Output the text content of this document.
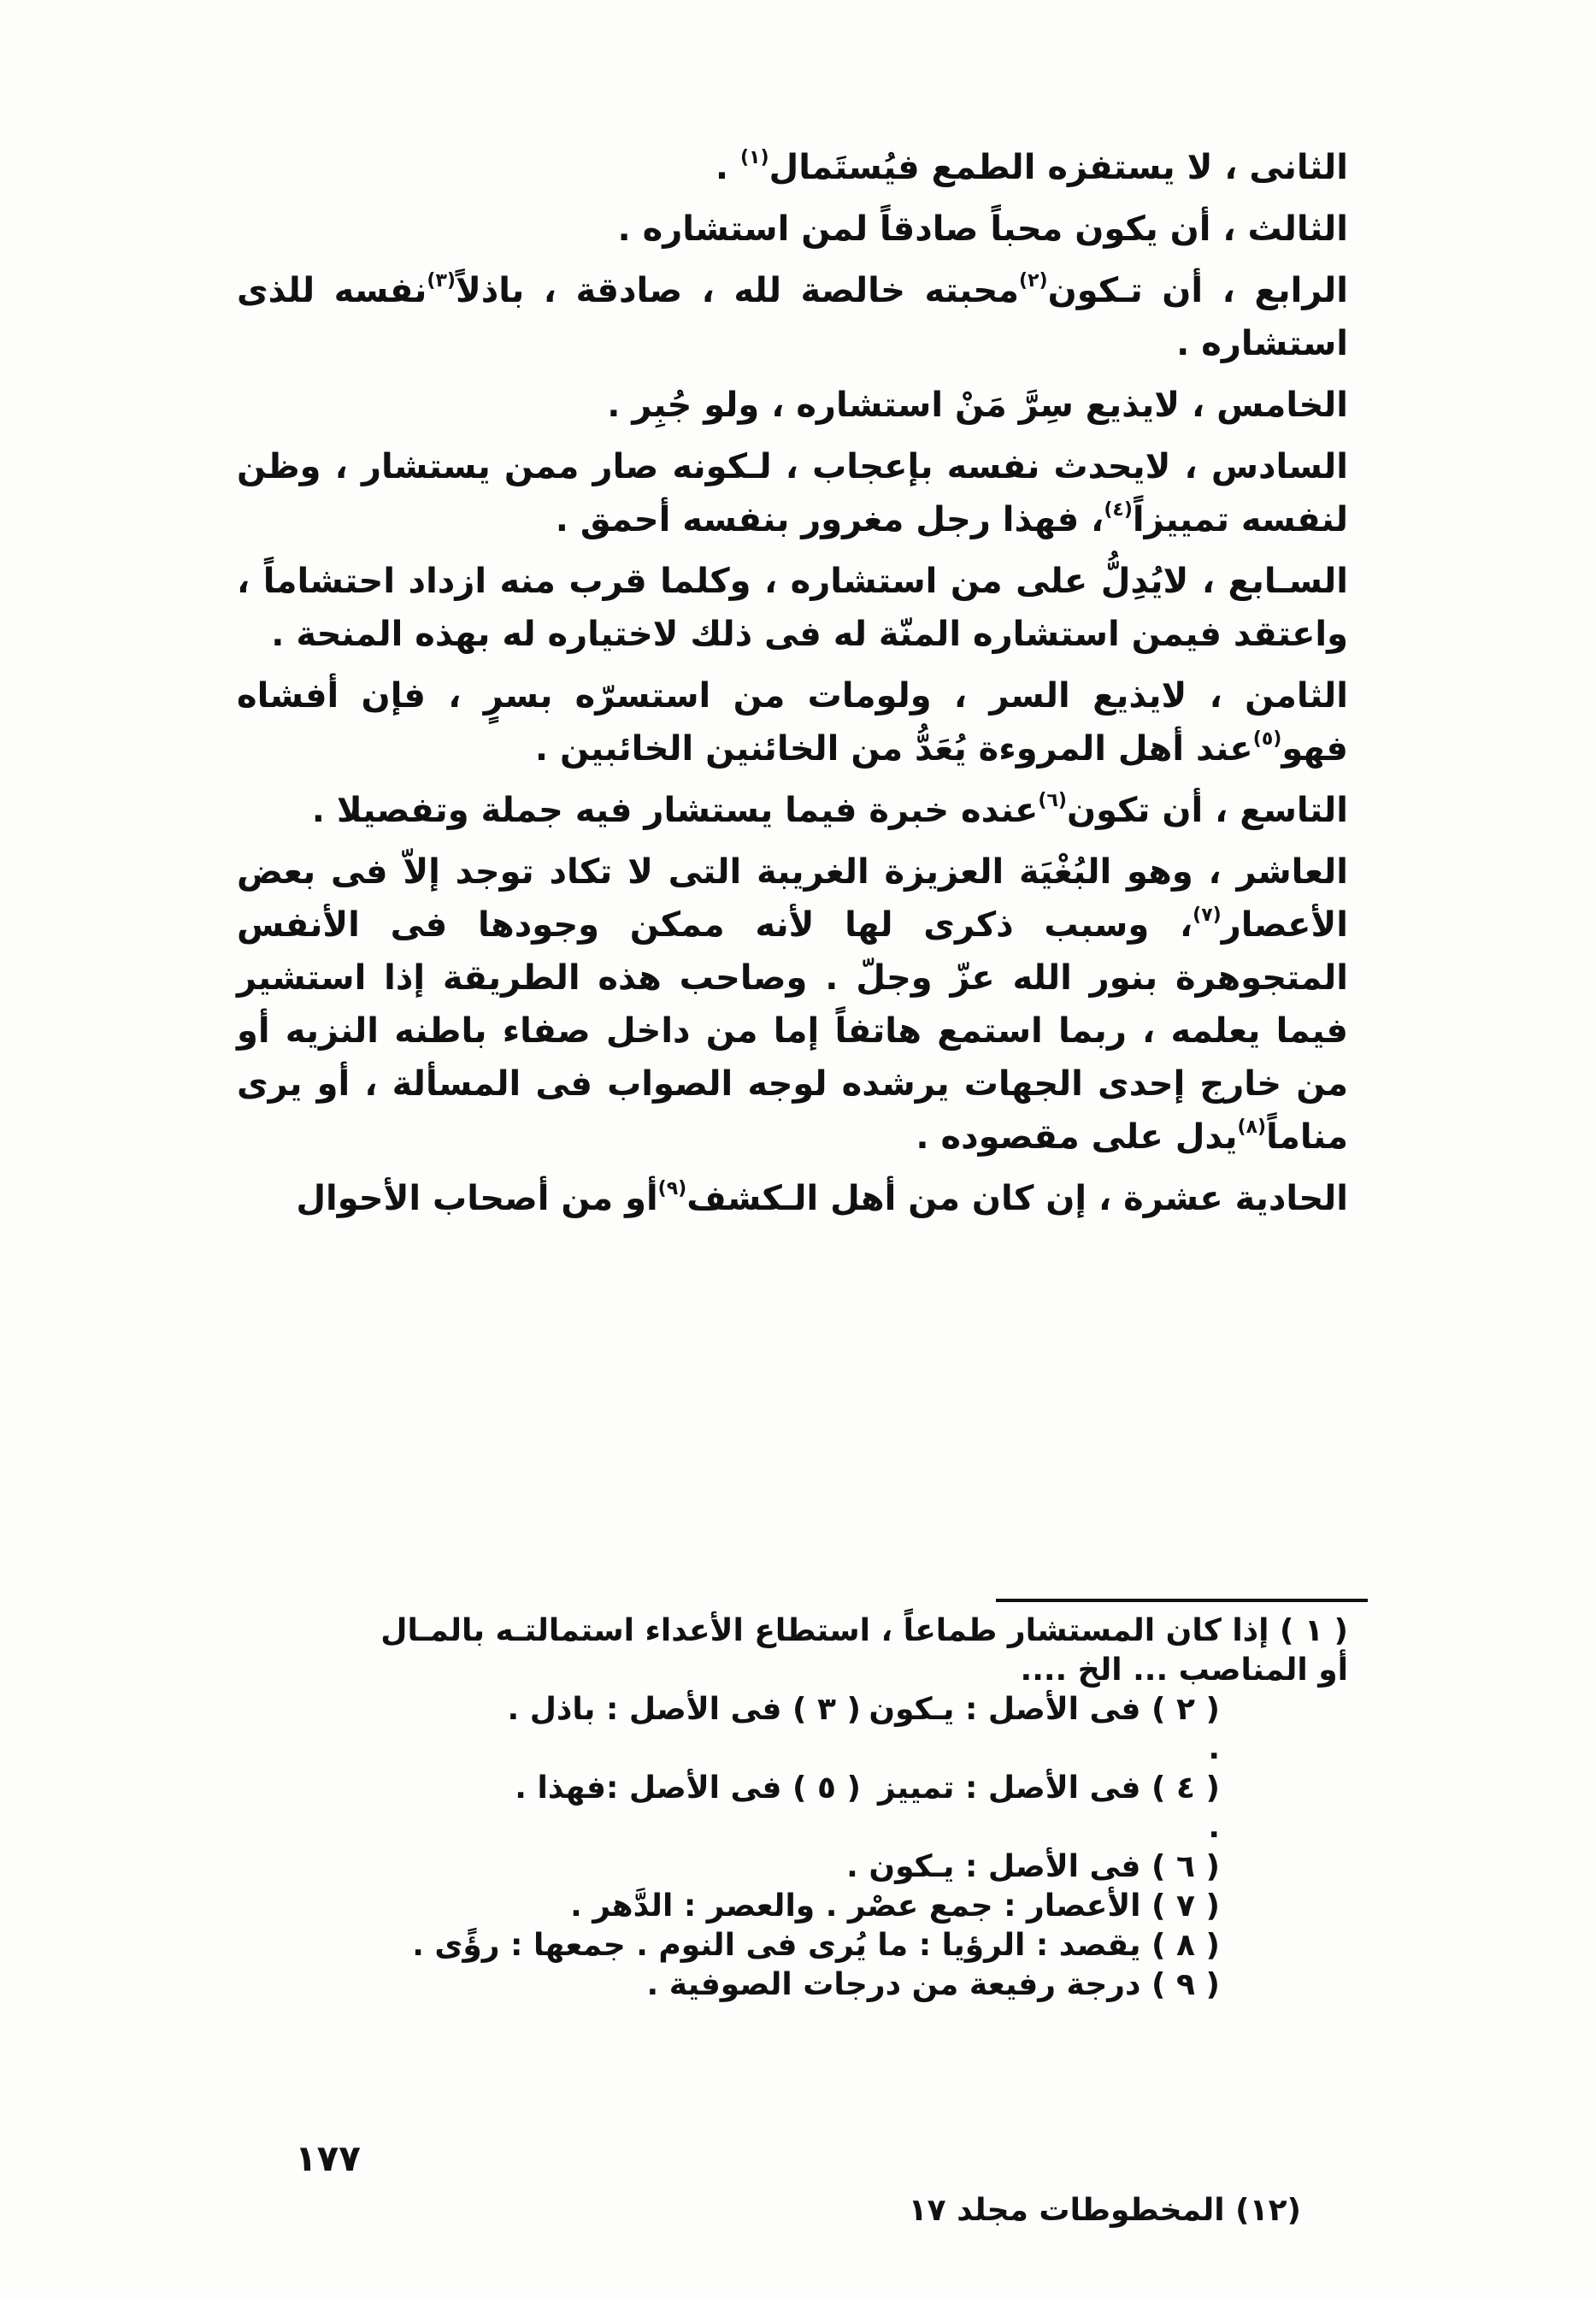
الثانى ، لا يستفزه الطمع فيُستَمال$^{(١)}$ .

الثالث ، أن يكون محباً صادقاً لمن استشاره .

الرابع ، أن تـكون$^{(٢)}$محبته خالصة لله ، صادقة ، باذلاً$^{(٣)}$نفسه للذى استشاره .

الخامس ، لايذيع سِرَّ مَنْ استشاره ، ولو جُبِر .

السادس ، لايحدث نفسه بإعجاب ، لـكونه صار ممن يستشار ، وظن لنفسه تمييزاً$^{(٤)}$، فهذا رجل مغرور بنفسه أحمق .

السـابع ، لايُدِلُّ على من استشاره ، وكلما قرب منه ازداد احتشاماً ، واعتقد فيمن استشاره المنّة له فى ذلك لاختياره له بهذه المنحة .

الثامن ، لايذيع السر ، ولومات من استسرّه بسرٍ ، فإن أفشاه فهو$^{(٥)}$عند أهل المروءة يُعَدُّ من الخائنين الخائبين .

التاسع ، أن تكون$^{(٦)}$عنده خبرة فيما يستشار فيه جملة وتفصيلا .

العاشر ، وهو البُغْيَة العزيزة الغريبة التى لا تكاد توجد إلاّ فى بعض الأعصار$^{(٧)}$، وسبب ذكرى لها لأنه ممكن وجودها فى الأنفس المتجوهرة بنور الله عزّ وجلّ . وصاحب هذه الطريقة إذا استشير فيما يعلمه ، ربما استمع هاتفاً إما من داخل صفاء باطنه النزيه أو من خارج إحدى الجهات يرشده لوجه الصواب فى المسألة ، أو يرى مناماً$^{(٨)}$يدل على مقصوده .

الحادية عشرة ، إن كان من أهل الـكشف$^{(٩)}$أو من أصحاب الأحوال

( ١ ) إذا كان المستشار طماعاً ، استطاع الأعداء استمالتـه بالمـال
أو المناصب ... الخ ....
( ٢ ) فى الأصل : يـكون .
( ٣ ) فى الأصل : باذل .
( ٤ ) فى الأصل : تمييز .
( ٥ ) فى الأصل :فهذا .
( ٦ ) فى الأصل : يـكون .
( ٧ ) الأعصار : جمع عصْر . والعصر : الدَّهر .
( ٨ ) يقصد : الرؤيا : ما يُرى فى النوم . جمعها : رؤًى .
( ٩ ) درجة رفيعة من درجات الصوفية .
١٧٧
(١٢) المخطوطات مجلد ١٧
